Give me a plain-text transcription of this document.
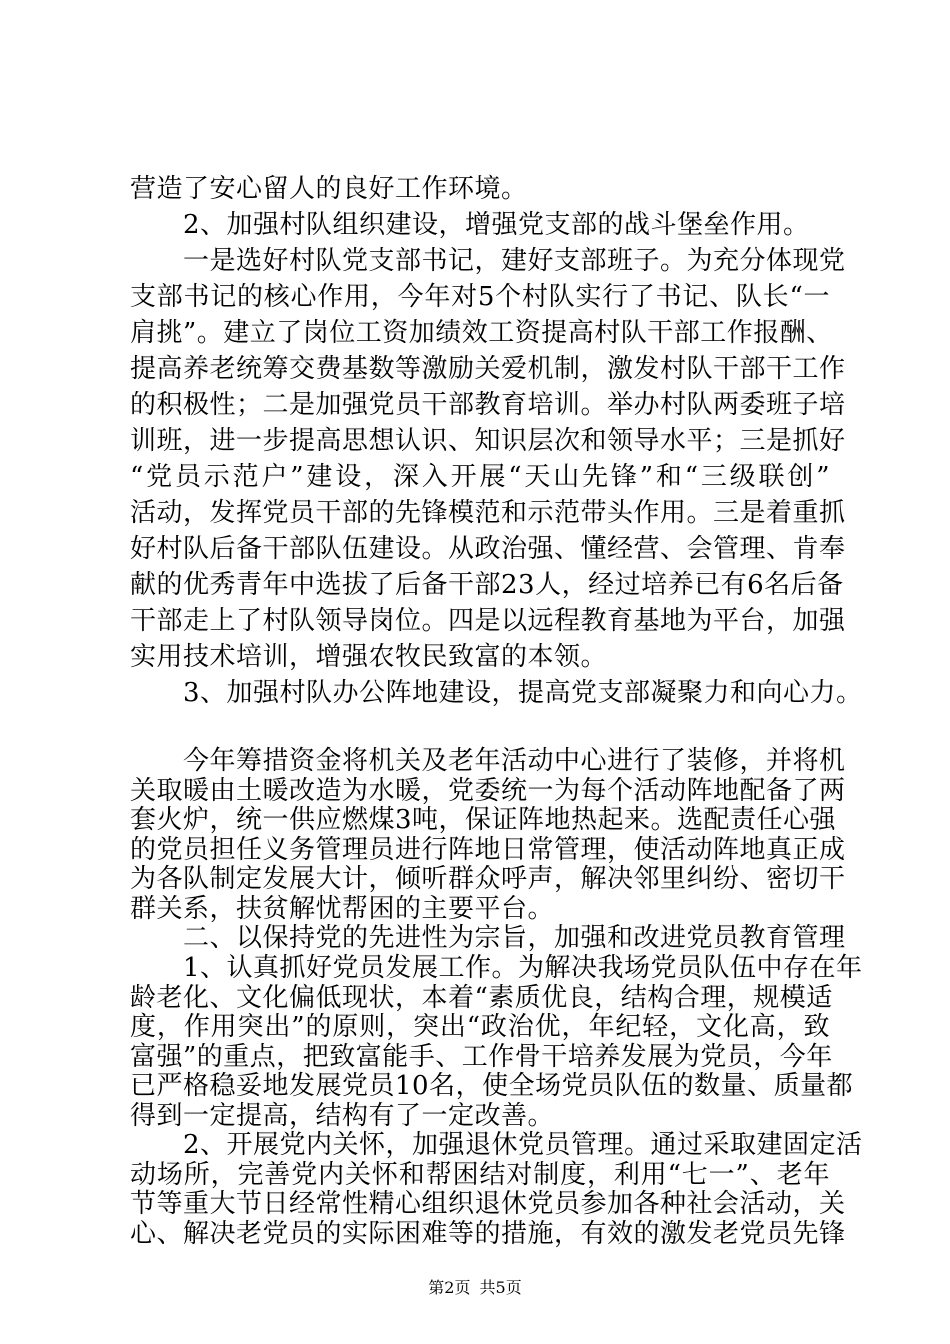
营造了安心留人的良好工作环境。
　　2、加强村队组织建设，增强党支部的战斗堡垒作用。
　　一是选好村队党支部书记，建好支部班子。为充分体现党
支部书记的核心作用，今年对5个村队实行了书记、队长“一
肩挑”。建立了岗位工资加绩效工资提高村队干部工作报酬、
提高养老统筹交费基数等激励关爱机制，激发村队干部干工作
的积极性；二是加强党员干部教育培训。举办村队两委班子培
训班，进一步提高思想认识、知识层次和领导水平；三是抓好
“党员示范户”建设，深入开展“天山先锋”和“三级联创”
活动，发挥党员干部的先锋模范和示范带头作用。三是着重抓
好村队后备干部队伍建设。从政治强、懂经营、会管理、肯奉
献的优秀青年中选拔了后备干部23人，经过培养已有6名后备
干部走上了村队领导岗位。四是以远程教育基地为平台，加强
实用技术培训，增强农牧民致富的本领。
　　3、加强村队办公阵地建设，提高党支部凝聚力和向心力。
　　今年筹措资金将机关及老年活动中心进行了装修，并将机
关取暖由土暖改造为水暖，党委统一为每个活动阵地配备了两
套火炉，统一供应燃煤3吨，保证阵地热起来。选配责任心强
的党员担任义务管理员进行阵地日常管理，使活动阵地真正成
为各队制定发展大计，倾听群众呼声，解决邻里纠纷、密切干
群关系，扶贫解忧帮困的主要平台。
　　二、以保持党的先进性为宗旨，加强和改进党员教育管理
　　1、认真抓好党员发展工作。为解决我场党员队伍中存在年
龄老化、文化偏低现状，本着“素质优良，结构合理，规模适
度，作用突出”的原则，突出“政治优，年纪轻，文化高，致
富强”的重点，把致富能手、工作骨干培养发展为党员，今年
已严格稳妥地发展党员10名，使全场党员队伍的数量、质量都
得到一定提高，结构有了一定改善。
　　2、开展党内关怀，加强退休党员管理。通过采取建固定活
动场所，完善党内关怀和帮困结对制度，利用“七一”、老年
节等重大节日经常性精心组织退休党员参加各种社会活动，关
心、解决老党员的实际困难等的措施，有效的激发老党员先锋
第2页 共5页
